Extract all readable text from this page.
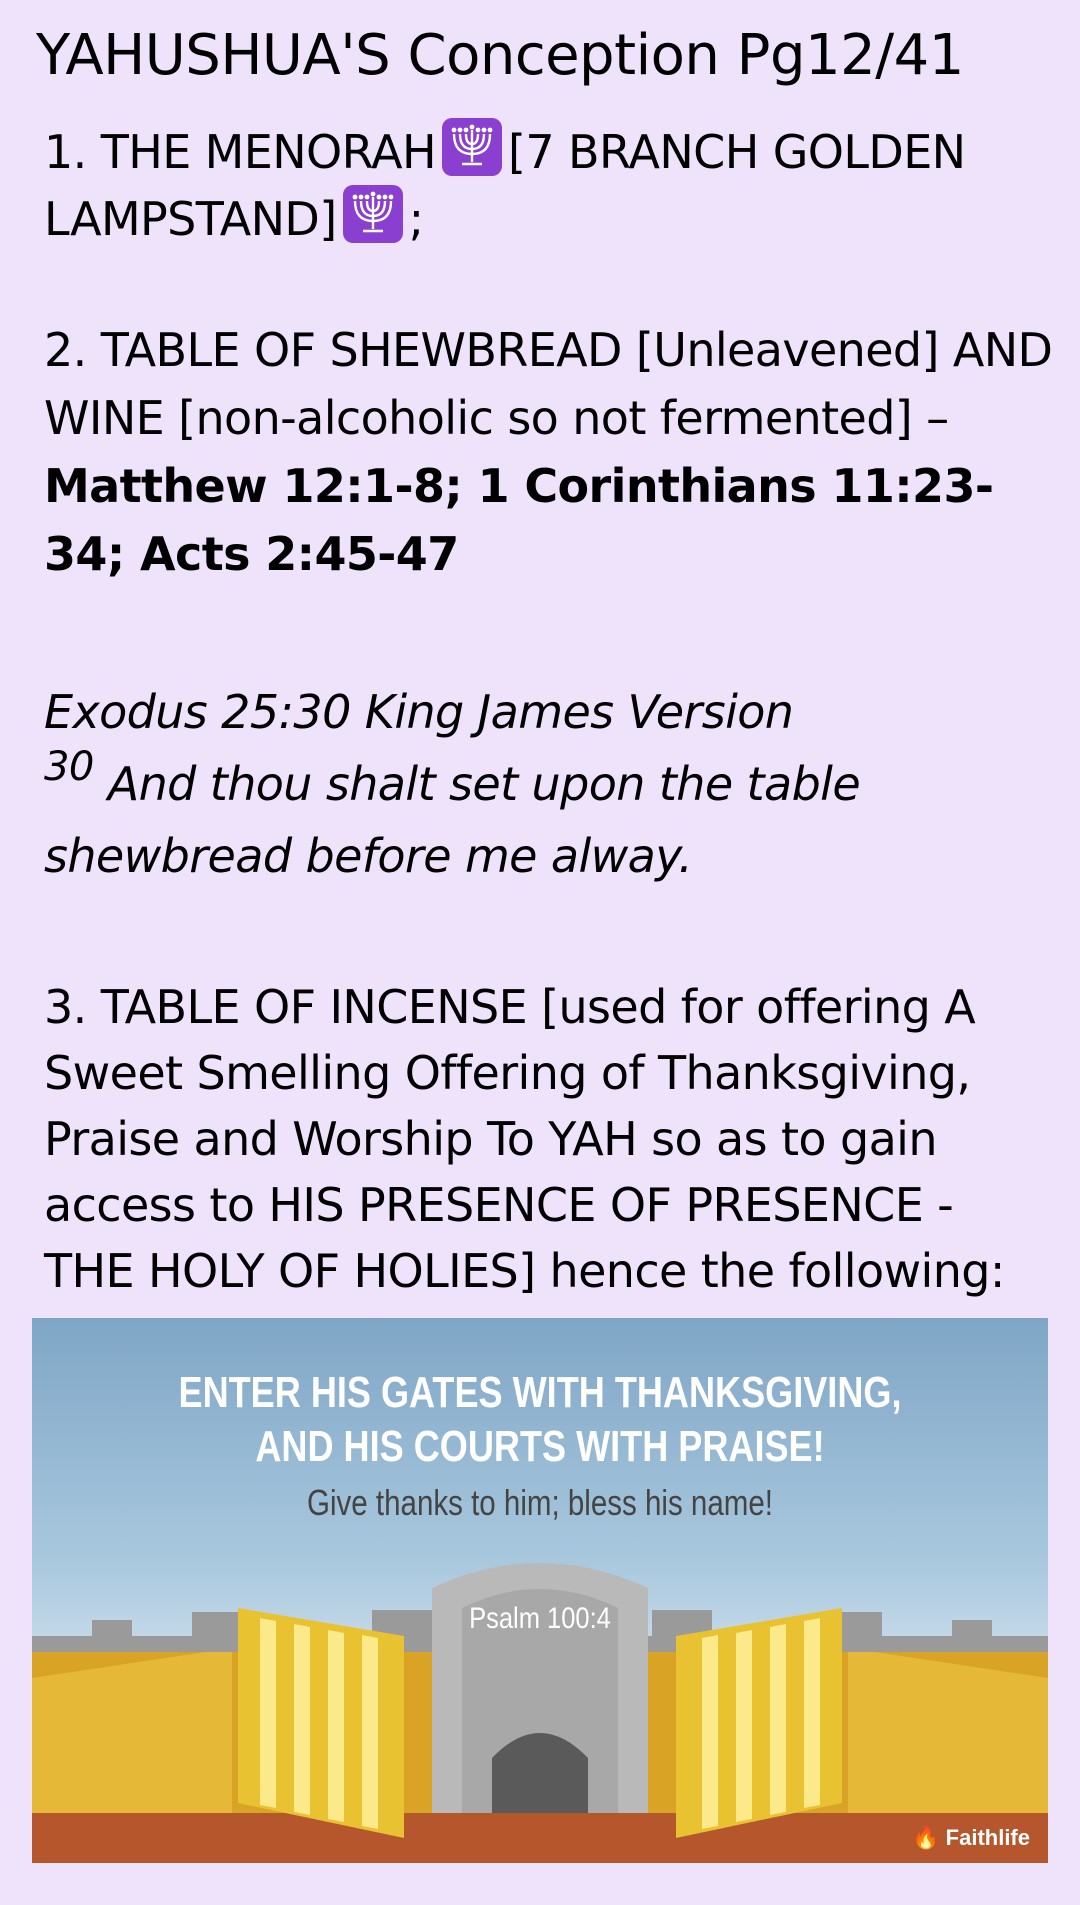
YAHUSHUA'S Conception Pg12/41
1. THE MENORAH [7 BRANCH GOLDEN LAMPSTAND] ;
2. TABLE OF SHEWBREAD [Unleavened] AND WINE [non-alcoholic so not fermented] – Matthew 12:1-8; 1 Corinthians 11:23-34; Acts 2:45-47
Exodus 25:30 King James Version
$^{30}$ And thou shalt set upon the table shewbread before me alway.
3. TABLE OF INCENSE [used for offering A Sweet Smelling Offering of Thanksgiving, Praise and Worship To YAH so as to gain access to HIS PRESENCE OF PRESENCE - THE HOLY OF HOLIES] hence the following:
ENTER HIS GATES WITH THANKSGIVING,
AND HIS COURTS WITH PRAISE!
Give thanks to him; bless his name!
Psalm 100:4
🔥 Faithlife
